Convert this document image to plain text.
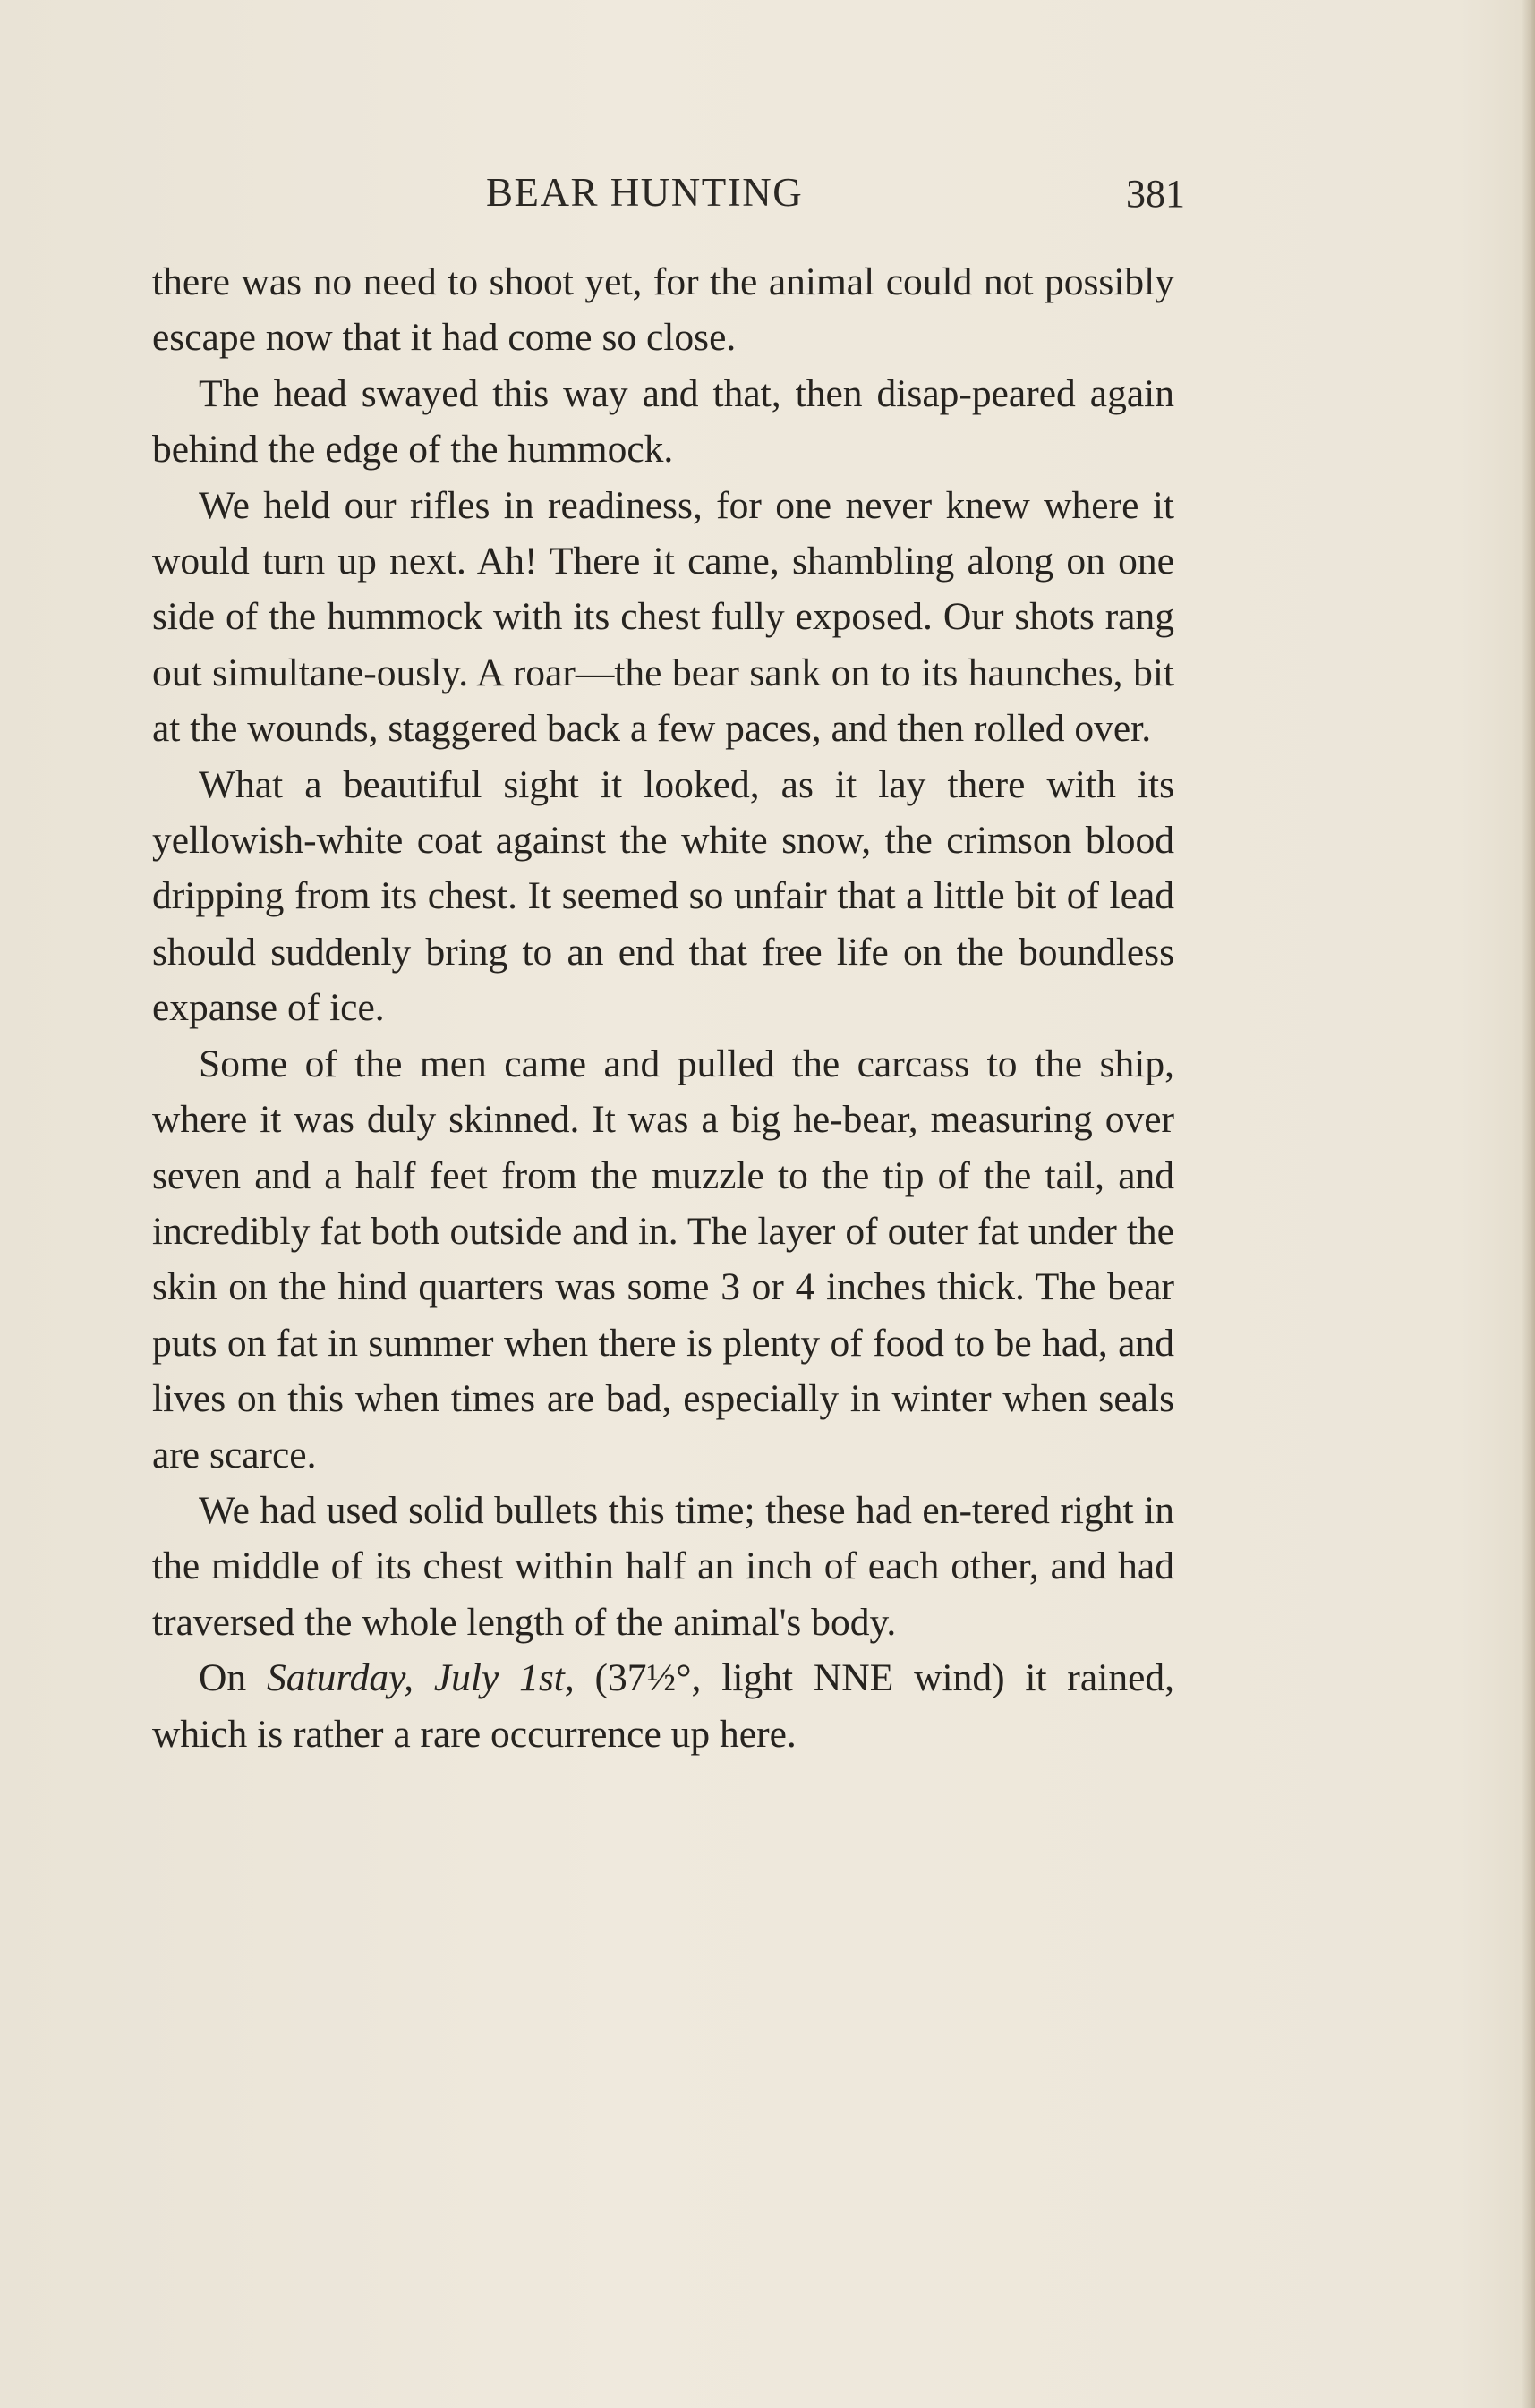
BEAR HUNTING	381

there was no need to shoot yet, for the animal could not possibly escape now that it had come so close.

The head swayed this way and that, then disap-peared again behind the edge of the hummock.

We held our rifles in readiness, for one never knew where it would turn up next. Ah! There it came, shambling along on one side of the hummock with its chest fully exposed. Our shots rang out simultane-ously. A roar—the bear sank on to its haunches, bit at the wounds, staggered back a few paces, and then rolled over.

What a beautiful sight it looked, as it lay there with its yellowish-white coat against the white snow, the crimson blood dripping from its chest. It seemed so unfair that a little bit of lead should suddenly bring to an end that free life on the boundless expanse of ice.

Some of the men came and pulled the carcass to the ship, where it was duly skinned. It was a big he-bear, measuring over seven and a half feet from the muzzle to the tip of the tail, and incredibly fat both outside and in. The layer of outer fat under the skin on the hind quarters was some 3 or 4 inches thick. The bear puts on fat in summer when there is plenty of food to be had, and lives on this when times are bad, especially in winter when seals are scarce.

We had used solid bullets this time; these had en-tered right in the middle of its chest within half an inch of each other, and had traversed the whole length of the animal's body.

On Saturday, July 1st, (37½°, light NNE wind) it rained, which is rather a rare occurrence up here.
